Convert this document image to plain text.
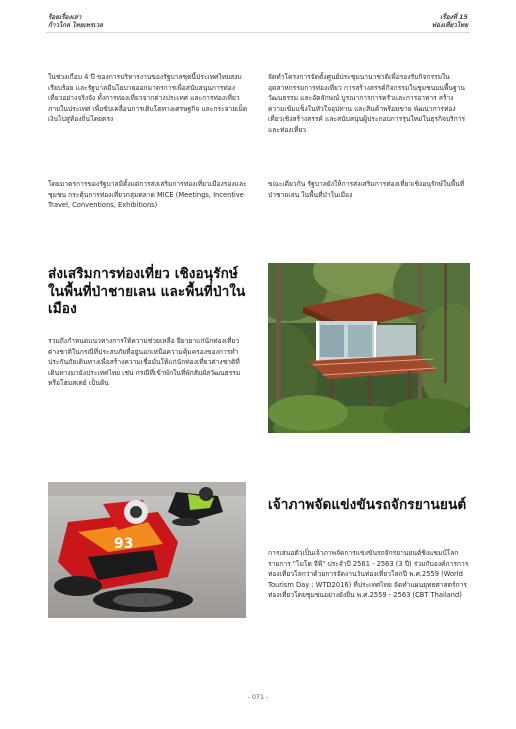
ร้อยเรื่องเล่า
ก้าวไกล ไทยเทรเวล
เรื่องที่ 15
ท่องเที่ยวไทย

ในช่วงเกือบ 4 ปี ของการบริหารงานของรัฐบาลชุดนี้ประเทศไทยสงบ เรียบร้อย และรัฐบาลมีนโยบายออกมาตรการเพื่อสนับสนุนการท่องเที่ยวอย่างจริงจัง ทั้งการท่องเที่ยวจากต่างประเทศ และการท่องเที่ยวภายในประเทศ เพื่อขับเคลื่อนการเติบโตทางเศรษฐกิจ และกระจายเม็ดเงินไปสู่ท้องถิ่นโดยตรง

โดยมาตรการของรัฐบาลมีตั้งแต่การส่งเสริมการท่องเที่ยวเมืองรองและชุมชน กระตุ้นการท่องเที่ยวกลุ่มตลาด MICE (Meetings, Incentive Travel, Conventions, Exhibitions)

จัดทำโครงการจัดตั้งศูนย์ประชุมนานาชาติเพื่อรองรับกิจกรรมในอุตสาหกรรมการท่องเที่ยว การสร้างสรรค์กิจกรรมในชุมชนบนพื้นฐานวัฒนธรรม และอัตลักษณ์ บูรณาการการครัวและการอาหาร สร้างความเข้มแข็งในหัวใจอุปทาน และสินค้าพร้อมขาย พัฒนาการท่องเที่ยวเชิงสร้างสรรค์ และสนับสนุนผู้ประกอบการรุ่นใหม่ในธุรกิจบริการและท่องเที่ยว

ขณะเดียวกัน รัฐบาลยังให้การส่งเสริมการท่องเที่ยวเชิงอนุรักษ์ในพื้นที่ป่าชายเลน ในพื้นที่ป่าในเมือง

ส่งเสริมการท่องเที่ยว เชิงอนุรักษ์ในพื้นที่ป่าชายเลน และพื้นที่ป่าในเมือง

รวมถึงกำหนดแนวทางการให้ความช่วยเหลือ ยียวยาแก่นักท่องเที่ยวต่างชาติในกรณีที่ประสบภัยที่อยู่นอกเหนือความคุ้มครองของการทำประกันภัยเดินทางเพื่อสร้างความเชื่อมั่นให้แก่นักท่องเที่ยวต่างชาติที่เดินทางมายังประเทศไทย เช่น กรณีที่เข้าพักในที่พักสัมผัสวัฒนธรรม หรือโฮมสเตย์ เป็นต้น

93
เจ้าภาพจัดแข่งขันรถจักรยานยนต์

การเสนอตัวเป็นเจ้าภาพจัดการแข่งขันรถจักรยานยนต์ชิงแชมป์โลก รายการ "โมโต จีพี" ประจำปี 2561 - 2563 (3 ปี) ร่วมกับองค์การการท่องเที่ยวโลกว่าด้วยการจัดงานวันท่องเที่ยวโลกปี พ.ศ.2559 (World Tourism Day : WTD2016) ที่ประเทศไทย จัดทำแผนยุทธศาสตร์การท่องเที่ยวโดยชุมชนอย่างยั่งยืน พ.ศ.2559 - 2563 (CBT Thailand)

- 071 -
